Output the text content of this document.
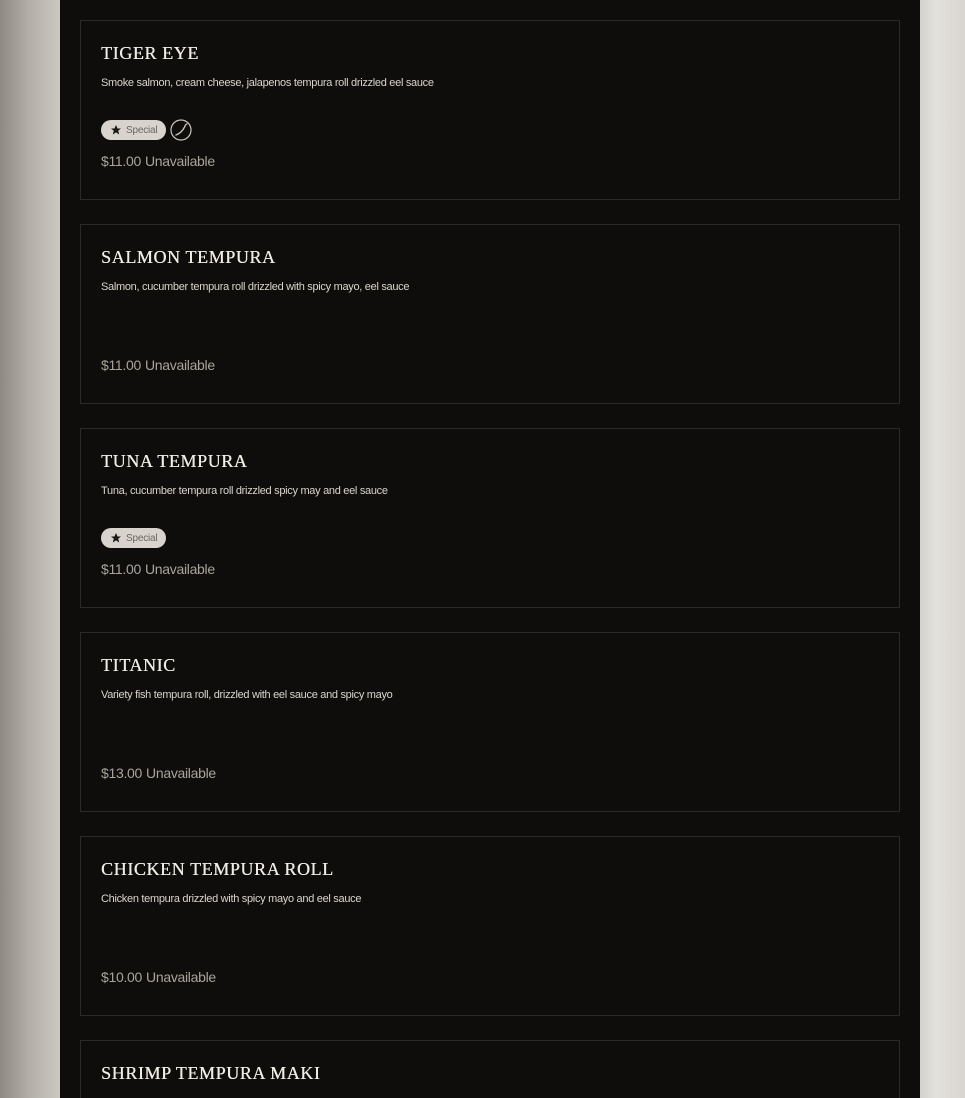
TIGER EYE

Smoke salmon, cream cheese, jalapenos tempura roll drizzled eel sauce

Special
$11.00 Unavailable
SALMON TEMPURA

Salmon, cucumber tempura roll drizzled with spicy mayo, eel sauce

$11.00 Unavailable
TUNA TEMPURA

Tuna, cucumber tempura roll drizzled spicy may and eel sauce

Special
$11.00 Unavailable
TITANIC

Variety fish tempura roll, drizzled with eel sauce and spicy mayo

$13.00 Unavailable
CHICKEN TEMPURA ROLL

Chicken tempura drizzled with spicy mayo and eel sauce

$10.00 Unavailable
SHRIMP TEMPURA MAKI
